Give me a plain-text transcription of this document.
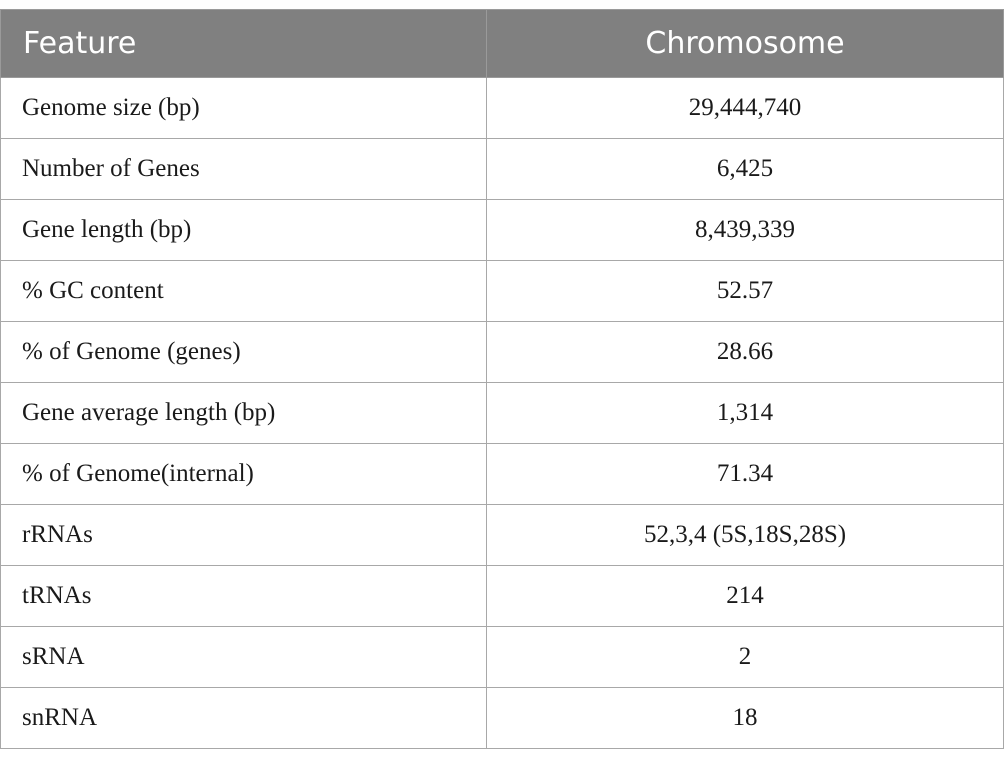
Feature	Chromosome
Genome size (bp)	29,444,740
Number of Genes	6,425
Gene length (bp)	8,439,339
% GC content	52.57
% of Genome (genes)	28.66
Gene average length (bp)	1,314
% of Genome(internal)	71.34
rRNAs	52,3,4 (5S,18S,28S)
tRNAs	214
sRNA	2
snRNA	18
